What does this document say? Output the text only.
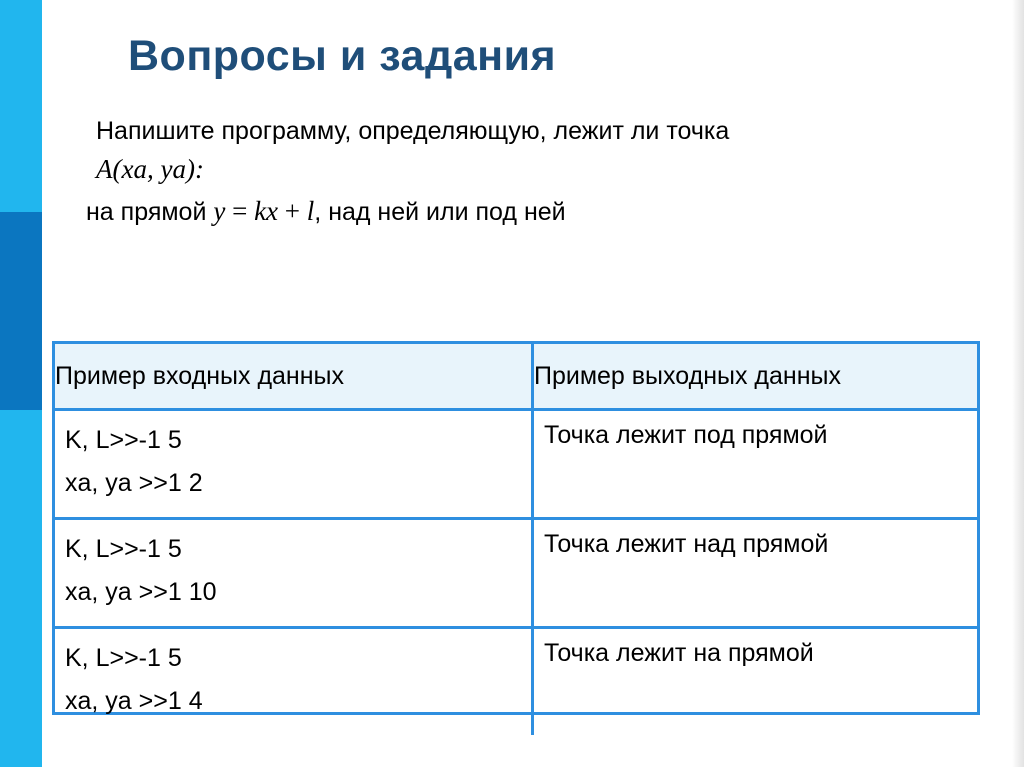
Вопросы и задания
Напишите программу, определяющую, лежит ли точка
A(xa, ya):
на прямой y = kx + l, над ней или под ней
Пример входных данных	Пример выходных данных

K, L>>-1 5
xa, ya >>1 2	Точка лежит под прямой

K, L>>-1 5
xa, ya >>1 10	Точка лежит над прямой

K, L>>-1 5
xa, ya >>1 4	Точка лежит на прямой
